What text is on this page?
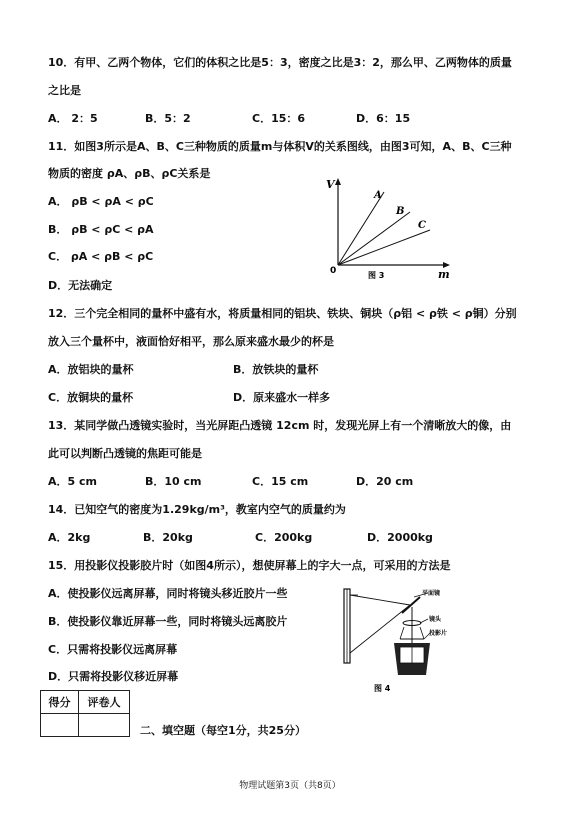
10．有甲、乙两个物体，它们的体积之比是5：3，密度之比是3：2，那么甲、乙两物体的质量
之比是
A． 2：5	B．5：2	C．15：6	D．6：15
11．如图3所示是A、B、C三种物质的质量m与体积V的关系图线，由图3可知，A、B、C三种
物质的密度 ρA、ρB、ρC关系是
A． ρB < ρA < ρC
B． ρB < ρC < ρA
C． ρA < ρB < ρC
D．无法确定
V
m
0
A
B
C
图 3
12．三个完全相同的量杯中盛有水，将质量相同的铝块、铁块、铜块（ρ铝 < ρ铁 < ρ铜）分别
放入三个量杯中，液面恰好相平，那么原来盛水最少的杯是
A．放铝块的量杯	B．放铁块的量杯
C．放铜块的量杯	D．原来盛水一样多
13．某同学做凸透镜实验时，当光屏距凸透镜 12cm 时，发现光屏上有一个清晰放大的像，由
此可以判断凸透镜的焦距可能是
A．5 cm	B．10 cm	C．15 cm	D．20 cm
14．已知空气的密度为1.29kg/m³，教室内空气的质量约为
A．2kg	B．20kg	C．200kg	D．2000kg
15．用投影仪投影胶片时（如图4所示），想使屏幕上的字大一点，可采用的方法是
A．使投影仪远离屏幕，同时将镜头移近胶片一些
B．使投影仪靠近屏幕一些，同时将镜头远离胶片
C．只需将投影仪远离屏幕
D．只需将投影仪移近屏幕
平面镜
镜头
投影片
图 4
得分	评卷人

二、填空题（每空1分，共25分）
物理试题第3页（共8页）
